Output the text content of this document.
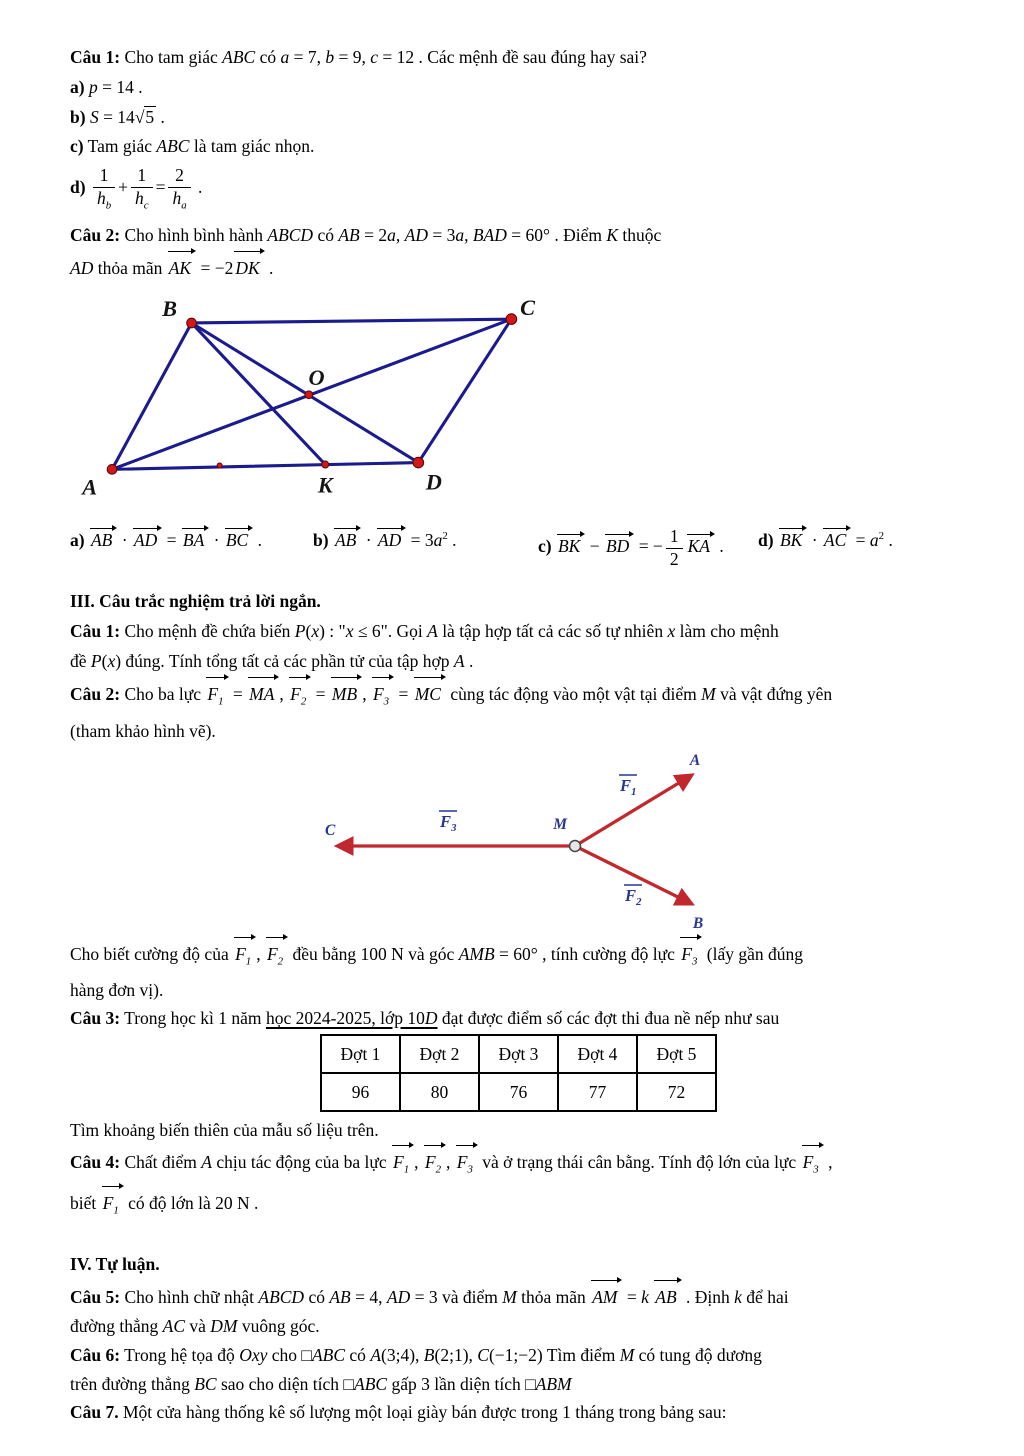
Câu 1: Cho tam giác ABC có a = 7, b = 9, c = 12 . Các mệnh đề sau đúng hay sai?

a) p = 14 .

b) S = 14√5 .

c) Tam giác ABC là tam giác nhọn.

$d) \frac{1}{h_b} + \frac{1}{h_c} = \frac{2}{h_a}$ .

Câu 2: Cho hình bình hành ABCD có AB = 2a, AD = 3a, BAD = 60° . Điểm K thuộc

AD thỏa mãn AK = −2 DK .

B	C
O
A	K	D
a) AB · AD = BA · BC .	b) AB · AD = $3a^2$ .	c) BK − BD = − $\frac{1}{2}$ KA . d) BK · AC = $a^2$ .

III. Câu trắc nghiệm trả lời ngắn.

Câu 1: Cho mệnh đề chứa biến P(x) : "x ≤ 6". Gọi A là tập hợp tất cả các số tự nhiên x làm cho mệnh

đề P(x) đúng. Tính tổng tất cả các phần tử của tập hợp A .

Câu 2: Cho ba lực $F_1$ = MA , $F_2$ = MB , $F_3$ = MC cùng tác động vào một vật tại điểm M và vật đứng yên

(tham khảo hình vẽ).

C	M
A
B
$F_3$
$F_1$
$F_2$

Cho biết cường độ của $F_1$ , $F_2$ đều bằng 100 N và góc AMB = 60° , tính cường độ lực $F_3$ (lấy gần đúng

hàng đơn vị).

Câu 3: Trong học kì 1 năm học 2024-2025, lớp 10D đạt được điểm số các đợt thi đua nề nếp như sau

Đợt 1	Đợt 2	Đợt 3	Đợt 4	Đợt 5
96	80	76	77	72

Tìm khoảng biến thiên của mẫu số liệu trên.

Câu 4: Chất điểm A chịu tác động của ba lực $F_1$ , $F_2$ , $F_3$ và ở trạng thái cân bằng. Tính độ lớn của lực $F_3$ ,

biết $F_1$ có độ lớn là 20 N .

IV. Tự luận.

Câu 5: Cho hình chữ nhật ABCD có AB = 4, AD = 3 và điểm M thỏa mãn AM = k AB . Định k để hai

đường thẳng AC và DM vuông góc.

Câu 6: Trong hệ tọa độ Oxy cho □ABC có A(3;4), B(2;1), C(−1;−2) Tìm điểm M có tung độ dương

trên đường thẳng BC sao cho diện tích □ABC gấp 3 lần diện tích □ABM

Câu 7. Một cửa hàng thống kê số lượng một loại giày bán được trong 1 tháng trong bảng sau:
